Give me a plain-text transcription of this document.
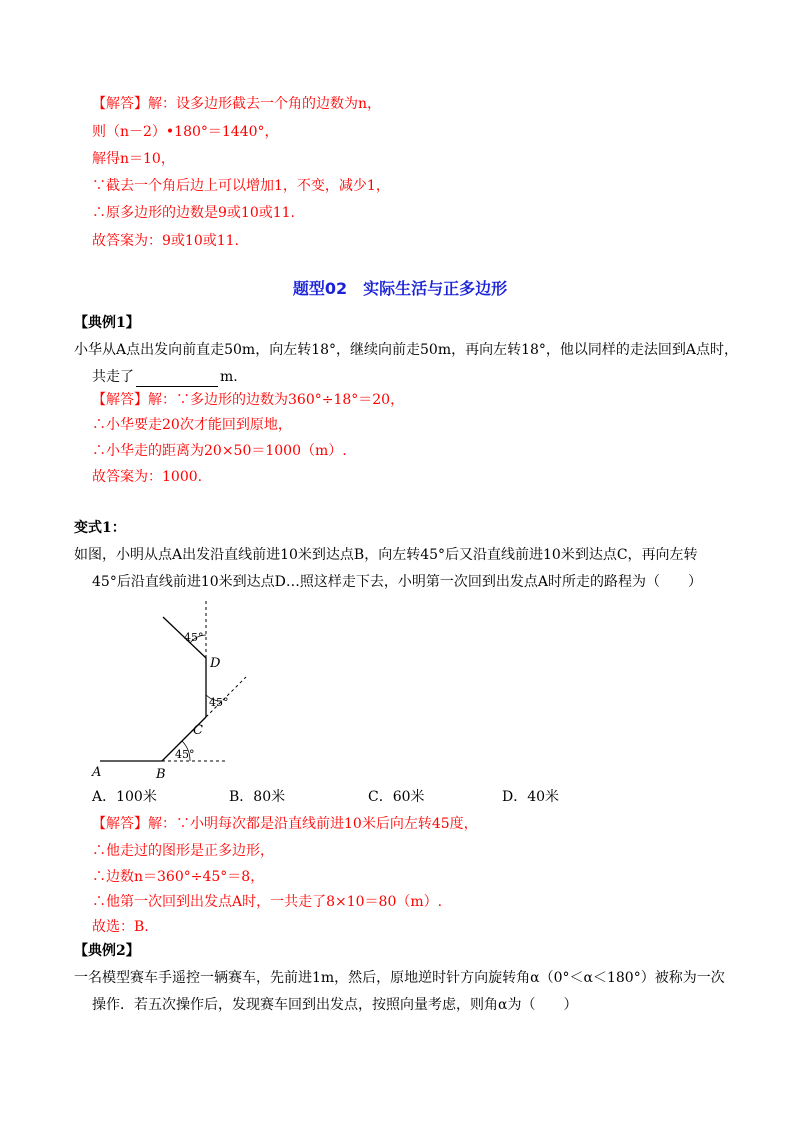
【解答】解：设多边形截去一个角的边数为n，
则（n－2）•180°＝1440°，
解得n＝10，
∵截去一个角后边上可以增加1，不变，减少1，
∴原多边形的边数是9或10或11.
故答案为：9或10或11.
题型02　实际生活与正多边形
【典例1】
小华从A点出发向前直走50m，向左转18°，继续向前走50m，再向左转18°，他以同样的走法回到A点时，
共走了	m.
【解答】解：∵多边形的边数为360°÷18°＝20，
∴小华要走20次才能回到原地，
∴小华走的距离为20×50＝1000（m）.
故答案为：1000.
变式1：
如图，小明从点A出发沿直线前进10米到达点B，向左转45°后又沿直线前进10米到达点C，再向左转
45°后沿直线前进10米到达点D…照这样走下去，小明第一次回到出发点A时所走的路程为（　　）
A	B
C
D
45°
45°
45°
A．100米	B．80米	C．60米	D．40米
【解答】解：∵小明每次都是沿直线前进10米后向左转45度，
∴他走过的图形是正多边形，
∴边数n＝360°÷45°＝8，
∴他第一次回到出发点A时，一共走了8×10＝80（m）.
故选：B.
【典例2】
一名模型赛车手遥控一辆赛车，先前进1m，然后，原地逆时针方向旋转角α（0°＜α＜180°）被称为一次
操作．若五次操作后，发现赛车回到出发点，按照向量考虑，则角α为（　　）
